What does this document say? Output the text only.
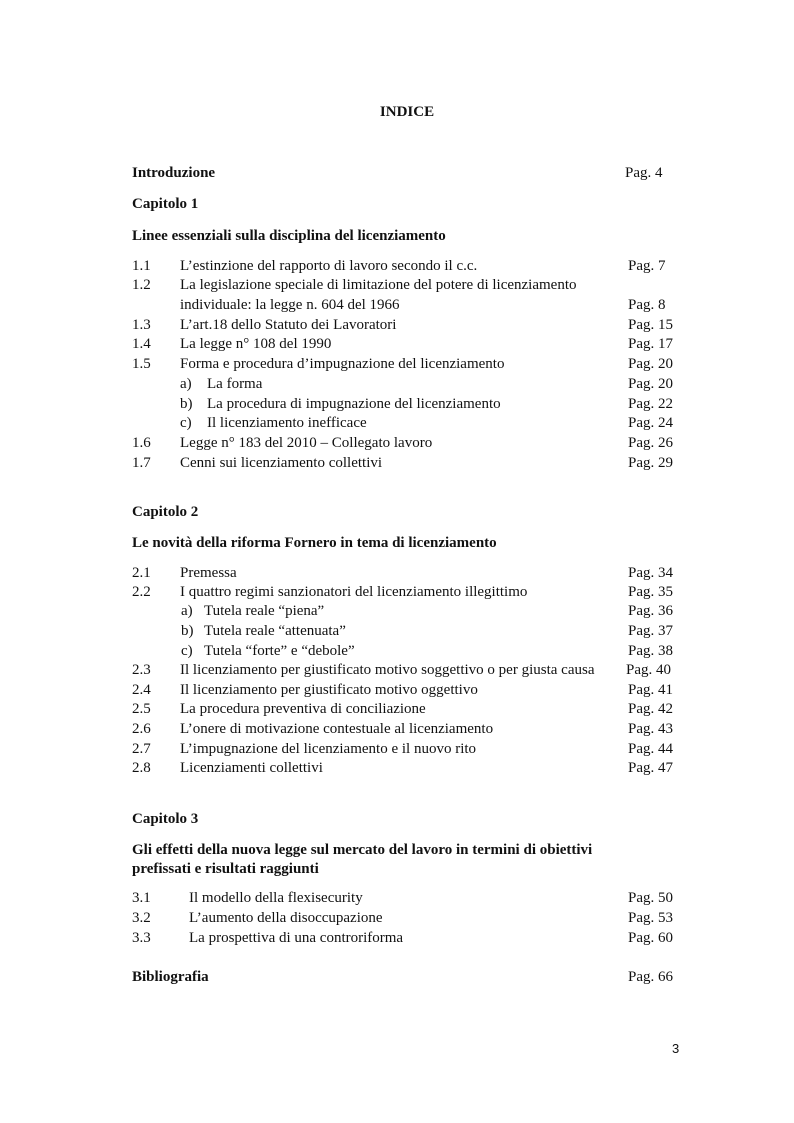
INDICE
Introduzione	Pag. 4
Capitolo 1
Linee essenziali sulla disciplina del licenziamento
1.1 L’estinzione del rapporto di lavoro secondo il c.c.	Pag. 7
1.2 La legislazione speciale di limitazione del potere di licenziamento
individuale: la legge n. 604 del 1966	Pag. 8
1.3 L’art.18 dello Statuto dei Lavoratori	Pag. 15
1.4 La legge n° 108 del 1990	Pag. 17
1.5 Forma e procedura d’impugnazione del licenziamento	Pag. 20
a) La forma	Pag. 20
b) La procedura di impugnazione del licenziamento	Pag. 22
c) Il licenziamento inefficace	Pag. 24
1.6 Legge n° 183 del 2010 – Collegato lavoro	Pag. 26
1.7 Cenni sui licenziamento collettivi	Pag. 29
Capitolo 2
Le novità della riforma Fornero in tema di licenziamento
2.1 Premessa	Pag. 34
2.2 I quattro regimi sanzionatori del licenziamento illegittimo	Pag. 35
a) Tutela reale “piena”	Pag. 36
b) Tutela reale “attenuata”	Pag. 37
c) Tutela “forte” e “debole”	Pag. 38
2.3 Il licenziamento per giustificato motivo soggettivo o per giusta causa Pag. 40
2.4 Il licenziamento per giustificato motivo oggettivo	Pag. 41
2.5 La procedura preventiva di conciliazione	Pag. 42
2.6 L’onere di motivazione contestuale al licenziamento	Pag. 43
2.7 L’impugnazione del licenziamento e il nuovo rito	Pag. 44
2.8 Licenziamenti collettivi	Pag. 47
Capitolo 3
Gli effetti della nuova legge sul mercato del lavoro in termini di obiettivi
prefissati e risultati raggiunti
3.1	Il modello della flexisecurity	Pag. 50
3.2	L’aumento della disoccupazione	Pag. 53
3.3	La prospettiva di una controriforma	Pag. 60
Bibliografia	Pag. 66
3
